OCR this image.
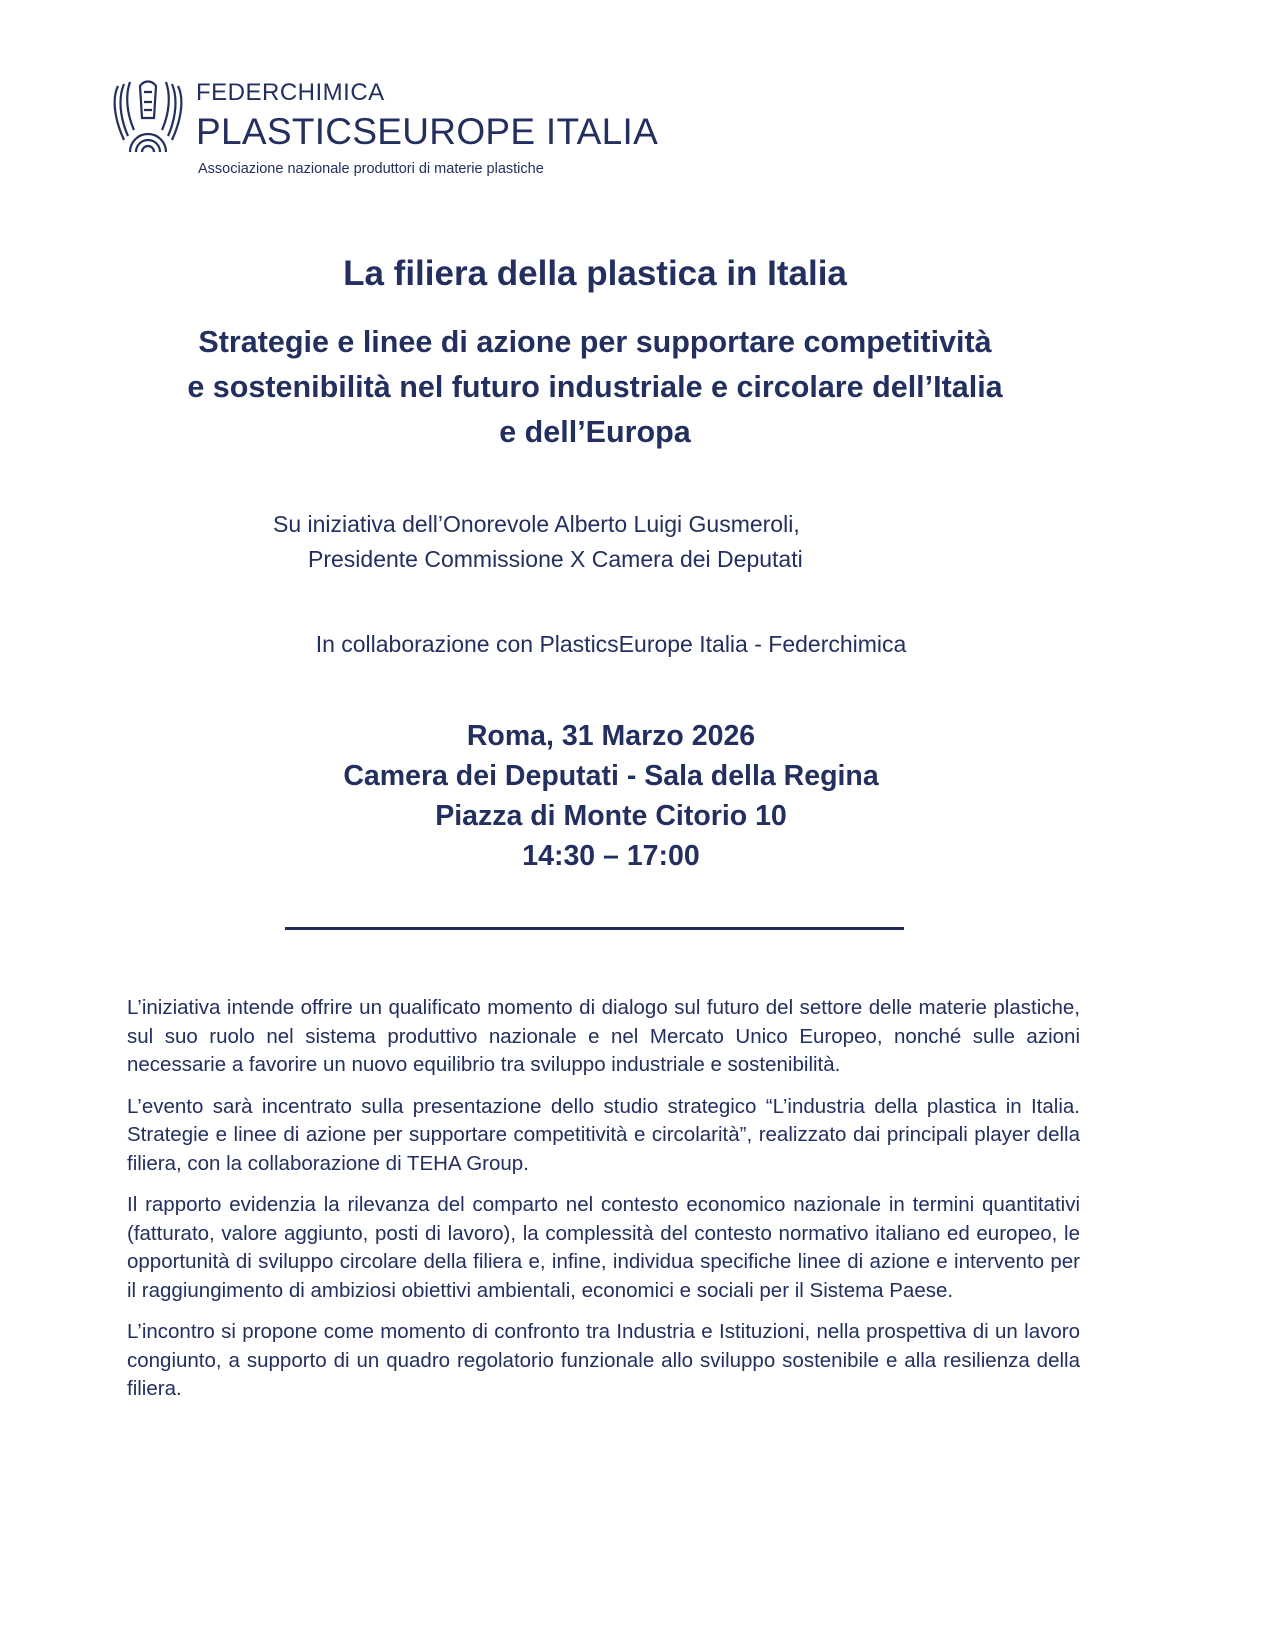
FEDERCHIMICA
PLASTICSEUROPE ITALIA
Associazione nazionale produttori di materie plastiche
La filiera della plastica in Italia
Strategie e linee di azione per supportare competitività
e sostenibilità nel futuro industriale e circolare dell’Italia
e dell’Europa
Su iniziativa dell’Onorevole Alberto Luigi Gusmeroli,
Presidente Commissione X Camera dei Deputati
In collaborazione con PlasticsEurope Italia - Federchimica
Roma, 31 Marzo 2026
Camera dei Deputati - Sala della Regina
Piazza di Monte Citorio 10
14:30 – 17:00

L’iniziativa intende offrire un qualificato momento di dialogo sul futuro del settore delle materie plastiche, sul suo ruolo nel sistema produttivo nazionale e nel Mercato Unico Europeo, nonché sulle azioni necessarie a favorire un nuovo equilibrio tra sviluppo industriale e sostenibilità.

L’evento sarà incentrato sulla presentazione dello studio strategico “L’industria della plastica in Italia. Strategie e linee di azione per supportare competitività e circolarità”, realizzato dai principali player della filiera, con la collaborazione di TEHA Group.

Il rapporto evidenzia la rilevanza del comparto nel contesto economico nazionale in termini quantitativi (fatturato, valore aggiunto, posti di lavoro), la complessità del contesto normativo italiano ed europeo, le opportunità di sviluppo circolare della filiera e, infine, individua specifiche linee di azione e intervento per il raggiungimento di ambiziosi obiettivi ambientali, economici e sociali per il Sistema Paese.

L’incontro si propone come momento di confronto tra Industria e Istituzioni, nella prospettiva di un lavoro congiunto, a supporto di un quadro regolatorio funzionale allo sviluppo sostenibile e alla resilienza della filiera.
